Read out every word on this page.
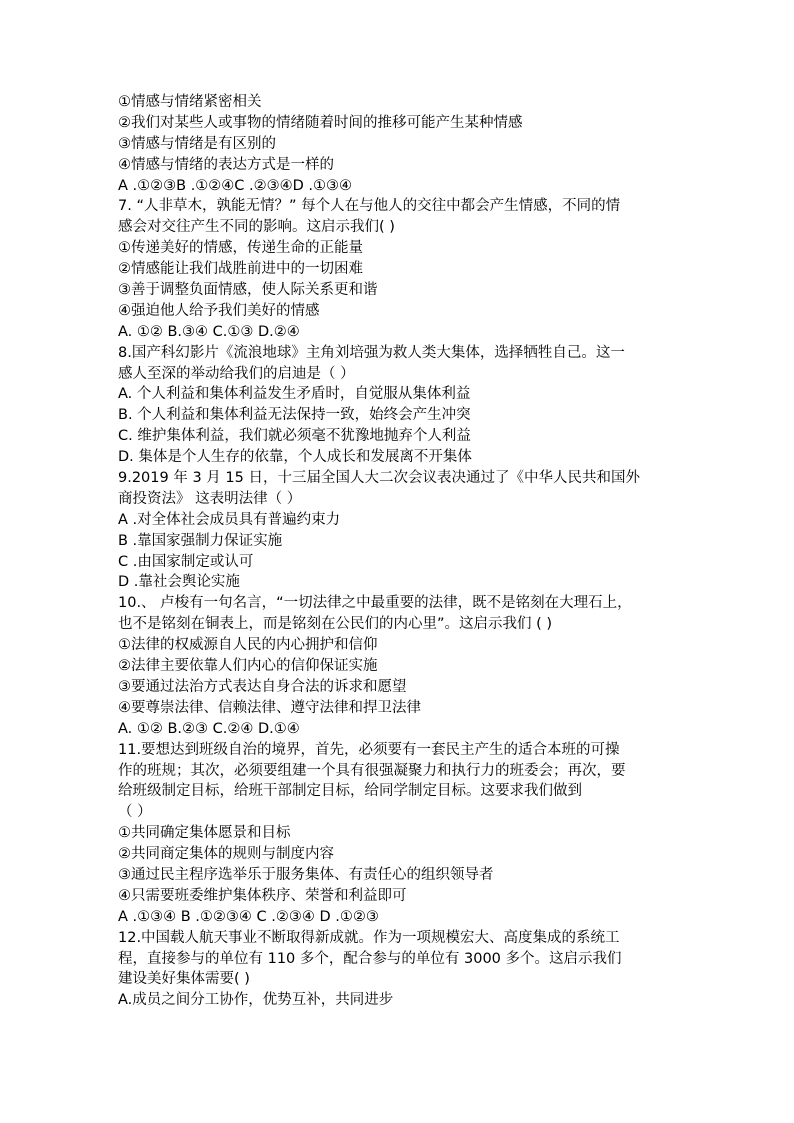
①情感与情绪紧密相关
②我们对某些人或事物的情绪随着时间的推移可能产生某种情感
③情感与情绪是有区别的
④情感与情绪的表达方式是一样的
A .①②③B .①②④C .②③④D .①③④
7. “人非草木，孰能无情？” 每个人在与他人的交往中都会产生情感，不同的情
感会对交往产生不同的影响。这启示我们( )
①传递美好的情感，传递生命的正能量
②情感能让我们战胜前进中的一切困难
③善于调整负面情感，使人际关系更和谐
④强迫他人给予我们美好的情感
A. ①② B.③④ C.①③ D.②④
8.国产科幻影片《流浪地球》主角刘培强为救人类大集体，选择牺牲自己。这一
感人至深的举动给我们的启迪是（ ）
A. 个人利益和集体利益发生矛盾时，自觉服从集体利益
B. 个人利益和集体利益无法保持一致，始终会产生冲突
C. 维护集体利益，我们就必须毫不犹豫地抛弃个人利益
D. 集体是个人生存的依靠，个人成长和发展离不开集体
9.2019 年 3 月 15 日，十三届全国人大二次会议表决通过了《中华人民共和国外
商投资法》 这表明法律（ ）
A .对全体社会成员具有普遍约束力
B .靠国家强制力保证实施
C .由国家制定或认可
D .靠社会舆论实施
10.、 卢梭有一句名言，“一切法律之中最重要的法律，既不是铭刻在大理石上，
也不是铭刻在铜表上，而是铭刻在公民们的内心里”。这启示我们 ( )
①法律的权威源自人民的内心拥护和信仰
②法律主要依靠人们内心的信仰保证实施
③要通过法治方式表达自身合法的诉求和愿望
④要尊崇法律、信赖法律、遵守法律和捍卫法律
A. ①② B.②③ C.②④ D.①④
11.要想达到班级自治的境界，首先，必须要有一套民主产生的适合本班的可操
作的班规；其次，必须要组建一个具有很强凝聚力和执行力的班委会；再次，要
给班级制定目标，给班干部制定目标，给同学制定目标。这要求我们做到
（ ）
①共同确定集体愿景和目标
②共同商定集体的规则与制度内容
③通过民主程序选举乐于服务集体、有责任心的组织领导者
④只需要班委维护集体秩序、荣誉和利益即可
A .①③④ B .①②③④ C .②③④ D .①②③
12.中国载人航天事业不断取得新成就。作为一项规模宏大、高度集成的系统工
程，直接参与的单位有 110 多个，配合参与的单位有 3000 多个。这启示我们
建设美好集体需要( )
A.成员之间分工协作，优势互补，共同进步
